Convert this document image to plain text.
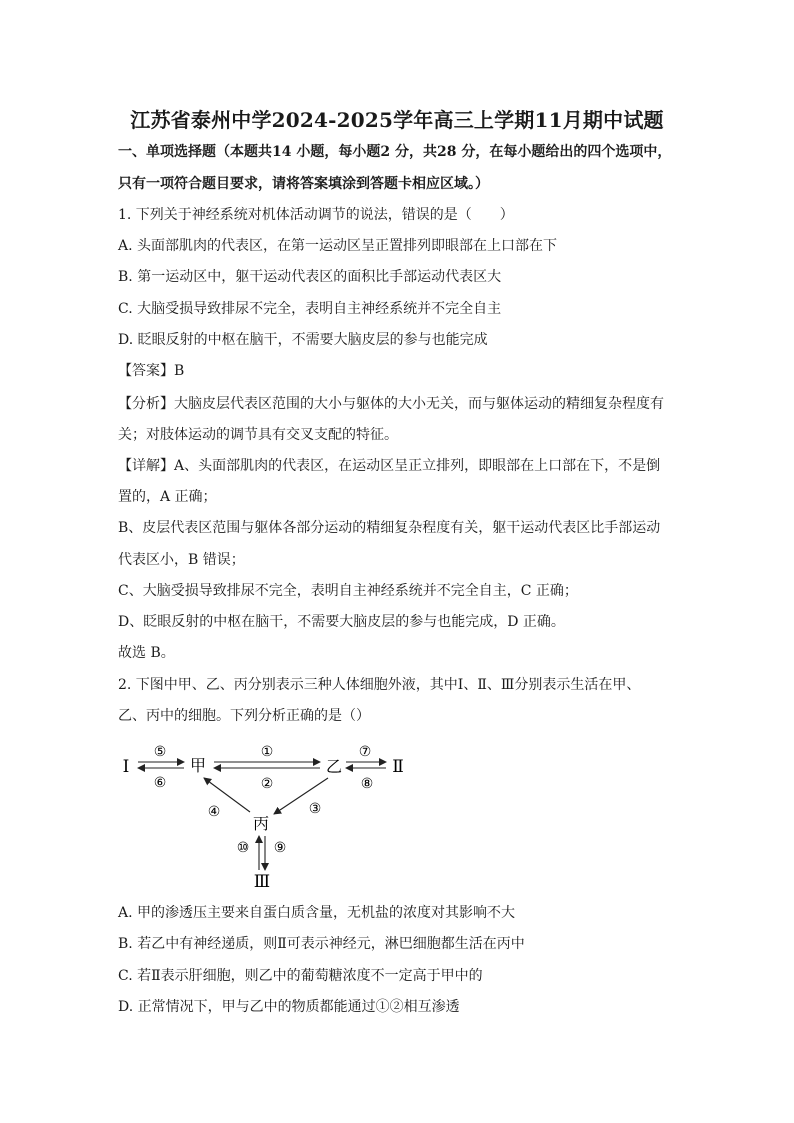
江苏省泰州中学2024-2025学年高三上学期11月期中试题
一、单项选择题（本题共14 小题，每小题2 分，共28 分，在每小题给出的四个选项中，
只有一项符合题目要求，请将答案填涂到答题卡相应区域。）
1. 下列关于神经系统对机体活动调节的说法，错误的是（　　）
A. 头面部肌肉的代表区，在第一运动区呈正置排列即眼部在上口部在下
B. 第一运动区中，躯干运动代表区的面积比手部运动代表区大
C. 大脑受损导致排尿不完全，表明自主神经系统并不完全自主
D. 眨眼反射的中枢在脑干，不需要大脑皮层的参与也能完成
【答案】B
【分析】大脑皮层代表区范围的大小与躯体的大小无关，而与躯体运动的精细复杂程度有
关；对肢体运动的调节具有交叉支配的特征。
【详解】A、头面部肌肉的代表区，在运动区呈正立排列，即眼部在上口部在下，不是倒
置的，A 正确；
B、皮层代表区范围与躯体各部分运动的精细复杂程度有关，躯干运动代表区比手部运动
代表区小，B 错误；
C、大脑受损导致排尿不完全，表明自主神经系统并不完全自主，C 正确；
D、眨眼反射的中枢在脑干，不需要大脑皮层的参与也能完成，D 正确。
故选 B。
2. 下图中甲、乙、丙分别表示三种人体细胞外液，其中Ⅰ、Ⅱ、Ⅲ分别表示生活在甲、
乙、丙中的细胞。下列分析正确的是（）
Ⅰ	甲	乙	Ⅱ
丙
Ⅲ
⑤
⑥
①
②
⑦
⑧
④	③
⑩ ⑨
A. 甲的渗透压主要来自蛋白质含量，无机盐的浓度对其影响不大
B. 若乙中有神经递质，则Ⅱ可表示神经元，淋巴细胞都生活在丙中
C. 若Ⅱ表示肝细胞，则乙中的葡萄糖浓度不一定高于甲中的
D. 正常情况下，甲与乙中的物质都能通过①②相互渗透
